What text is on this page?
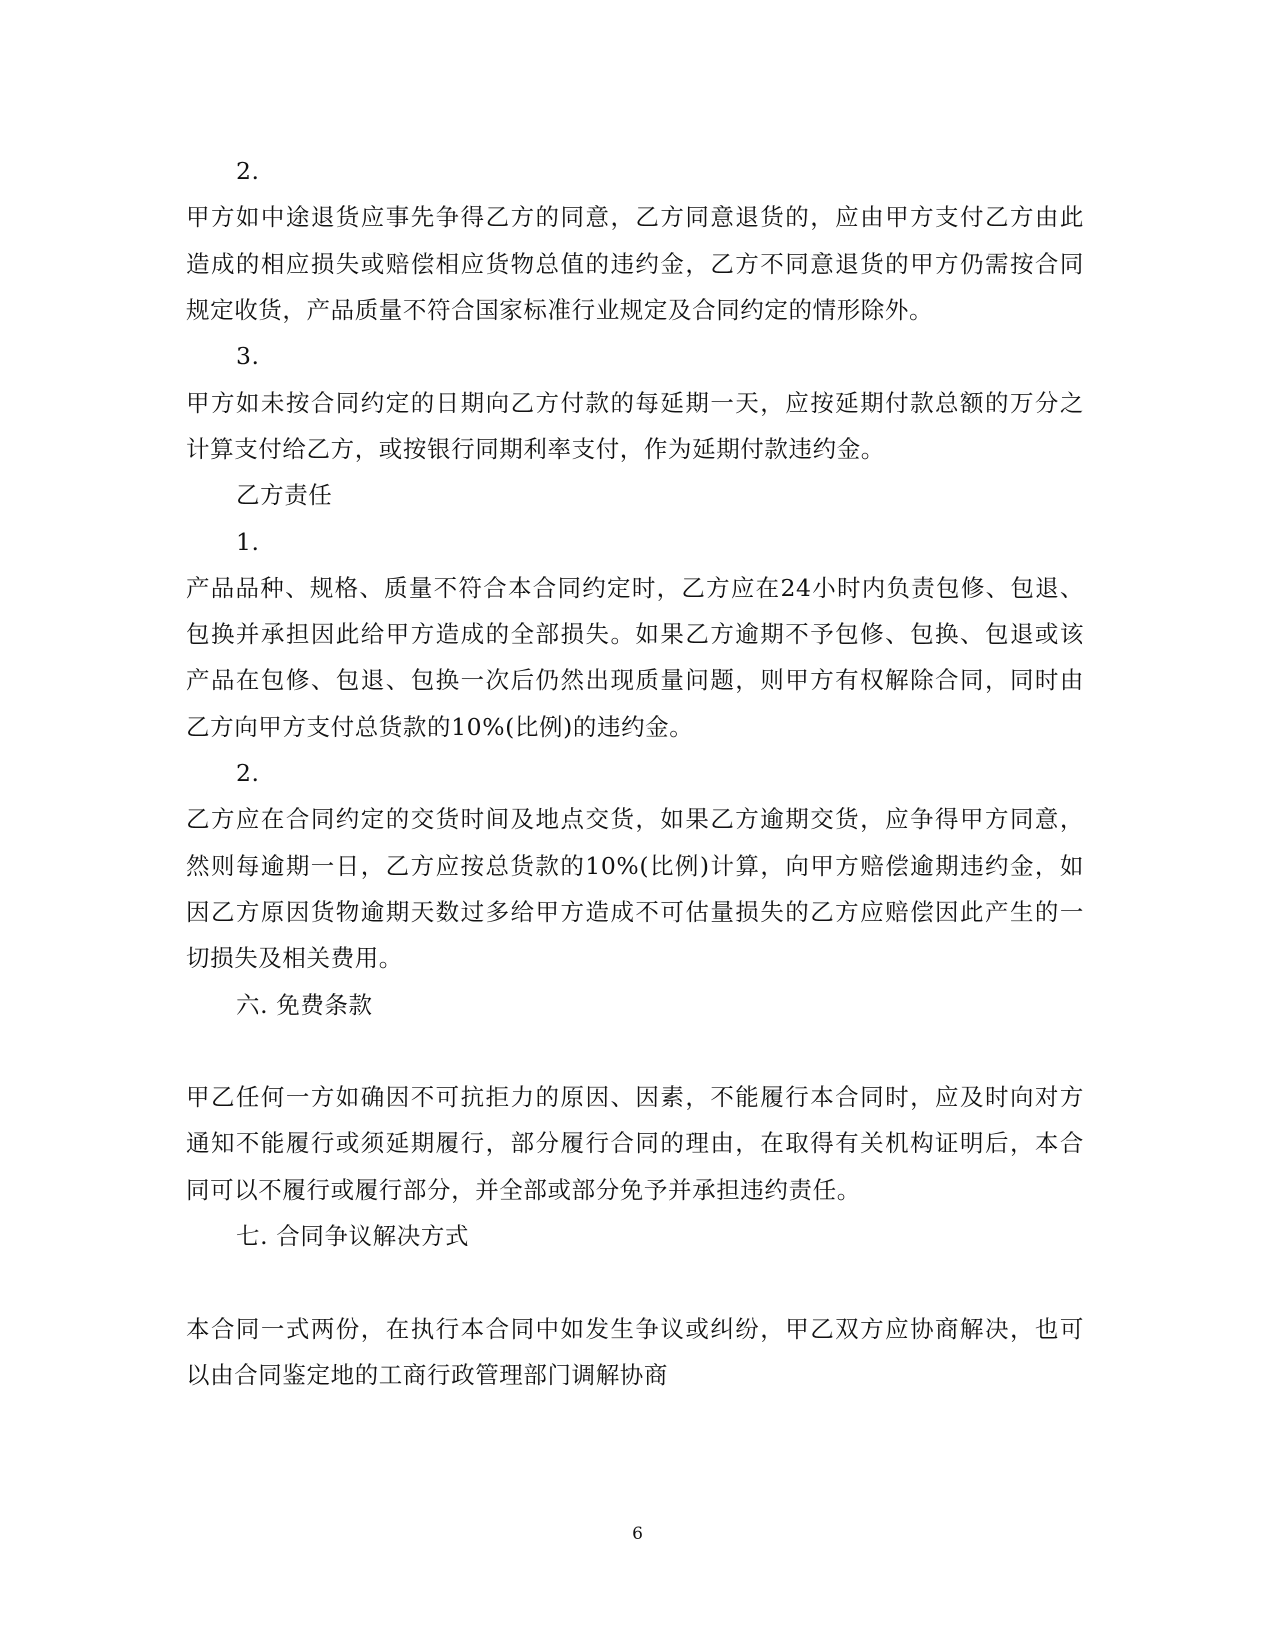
2.
甲方如中途退货应事先争得乙方的同意，乙方同意退货的，应由甲方支付乙方由此
造成的相应损失或赔偿相应货物总值的违约金，乙方不同意退货的甲方仍需按合同
规定收货，产品质量不符合国家标准行业规定及合同约定的情形除外。
3.
甲方如未按合同约定的日期向乙方付款的每延期一天，应按延期付款总额的万分之
计算支付给乙方，或按银行同期利率支付，作为延期付款违约金。
乙方责任
1.
产品品种、规格、质量不符合本合同约定时，乙方应在24小时内负责包修、包退、
包换并承担因此给甲方造成的全部损失。如果乙方逾期不予包修、包换、包退或该
产品在包修、包退、包换一次后仍然出现质量问题，则甲方有权解除合同，同时由
乙方向甲方支付总货款的10%(比例)的违约金。
2.
乙方应在合同约定的交货时间及地点交货，如果乙方逾期交货，应争得甲方同意，
然则每逾期一日，乙方应按总货款的10%(比例)计算，向甲方赔偿逾期违约金，如
因乙方原因货物逾期天数过多给甲方造成不可估量损失的乙方应赔偿因此产生的一
切损失及相关费用。
六. 免费条款
甲乙任何一方如确因不可抗拒力的原因、因素，不能履行本合同时，应及时向对方
通知不能履行或须延期履行，部分履行合同的理由，在取得有关机构证明后，本合
同可以不履行或履行部分，并全部或部分免予并承担违约责任。
七. 合同争议解决方式
本合同一式两份，在执行本合同中如发生争议或纠纷，甲乙双方应协商解决，也可
以由合同鉴定地的工商行政管理部门调解协商
6
